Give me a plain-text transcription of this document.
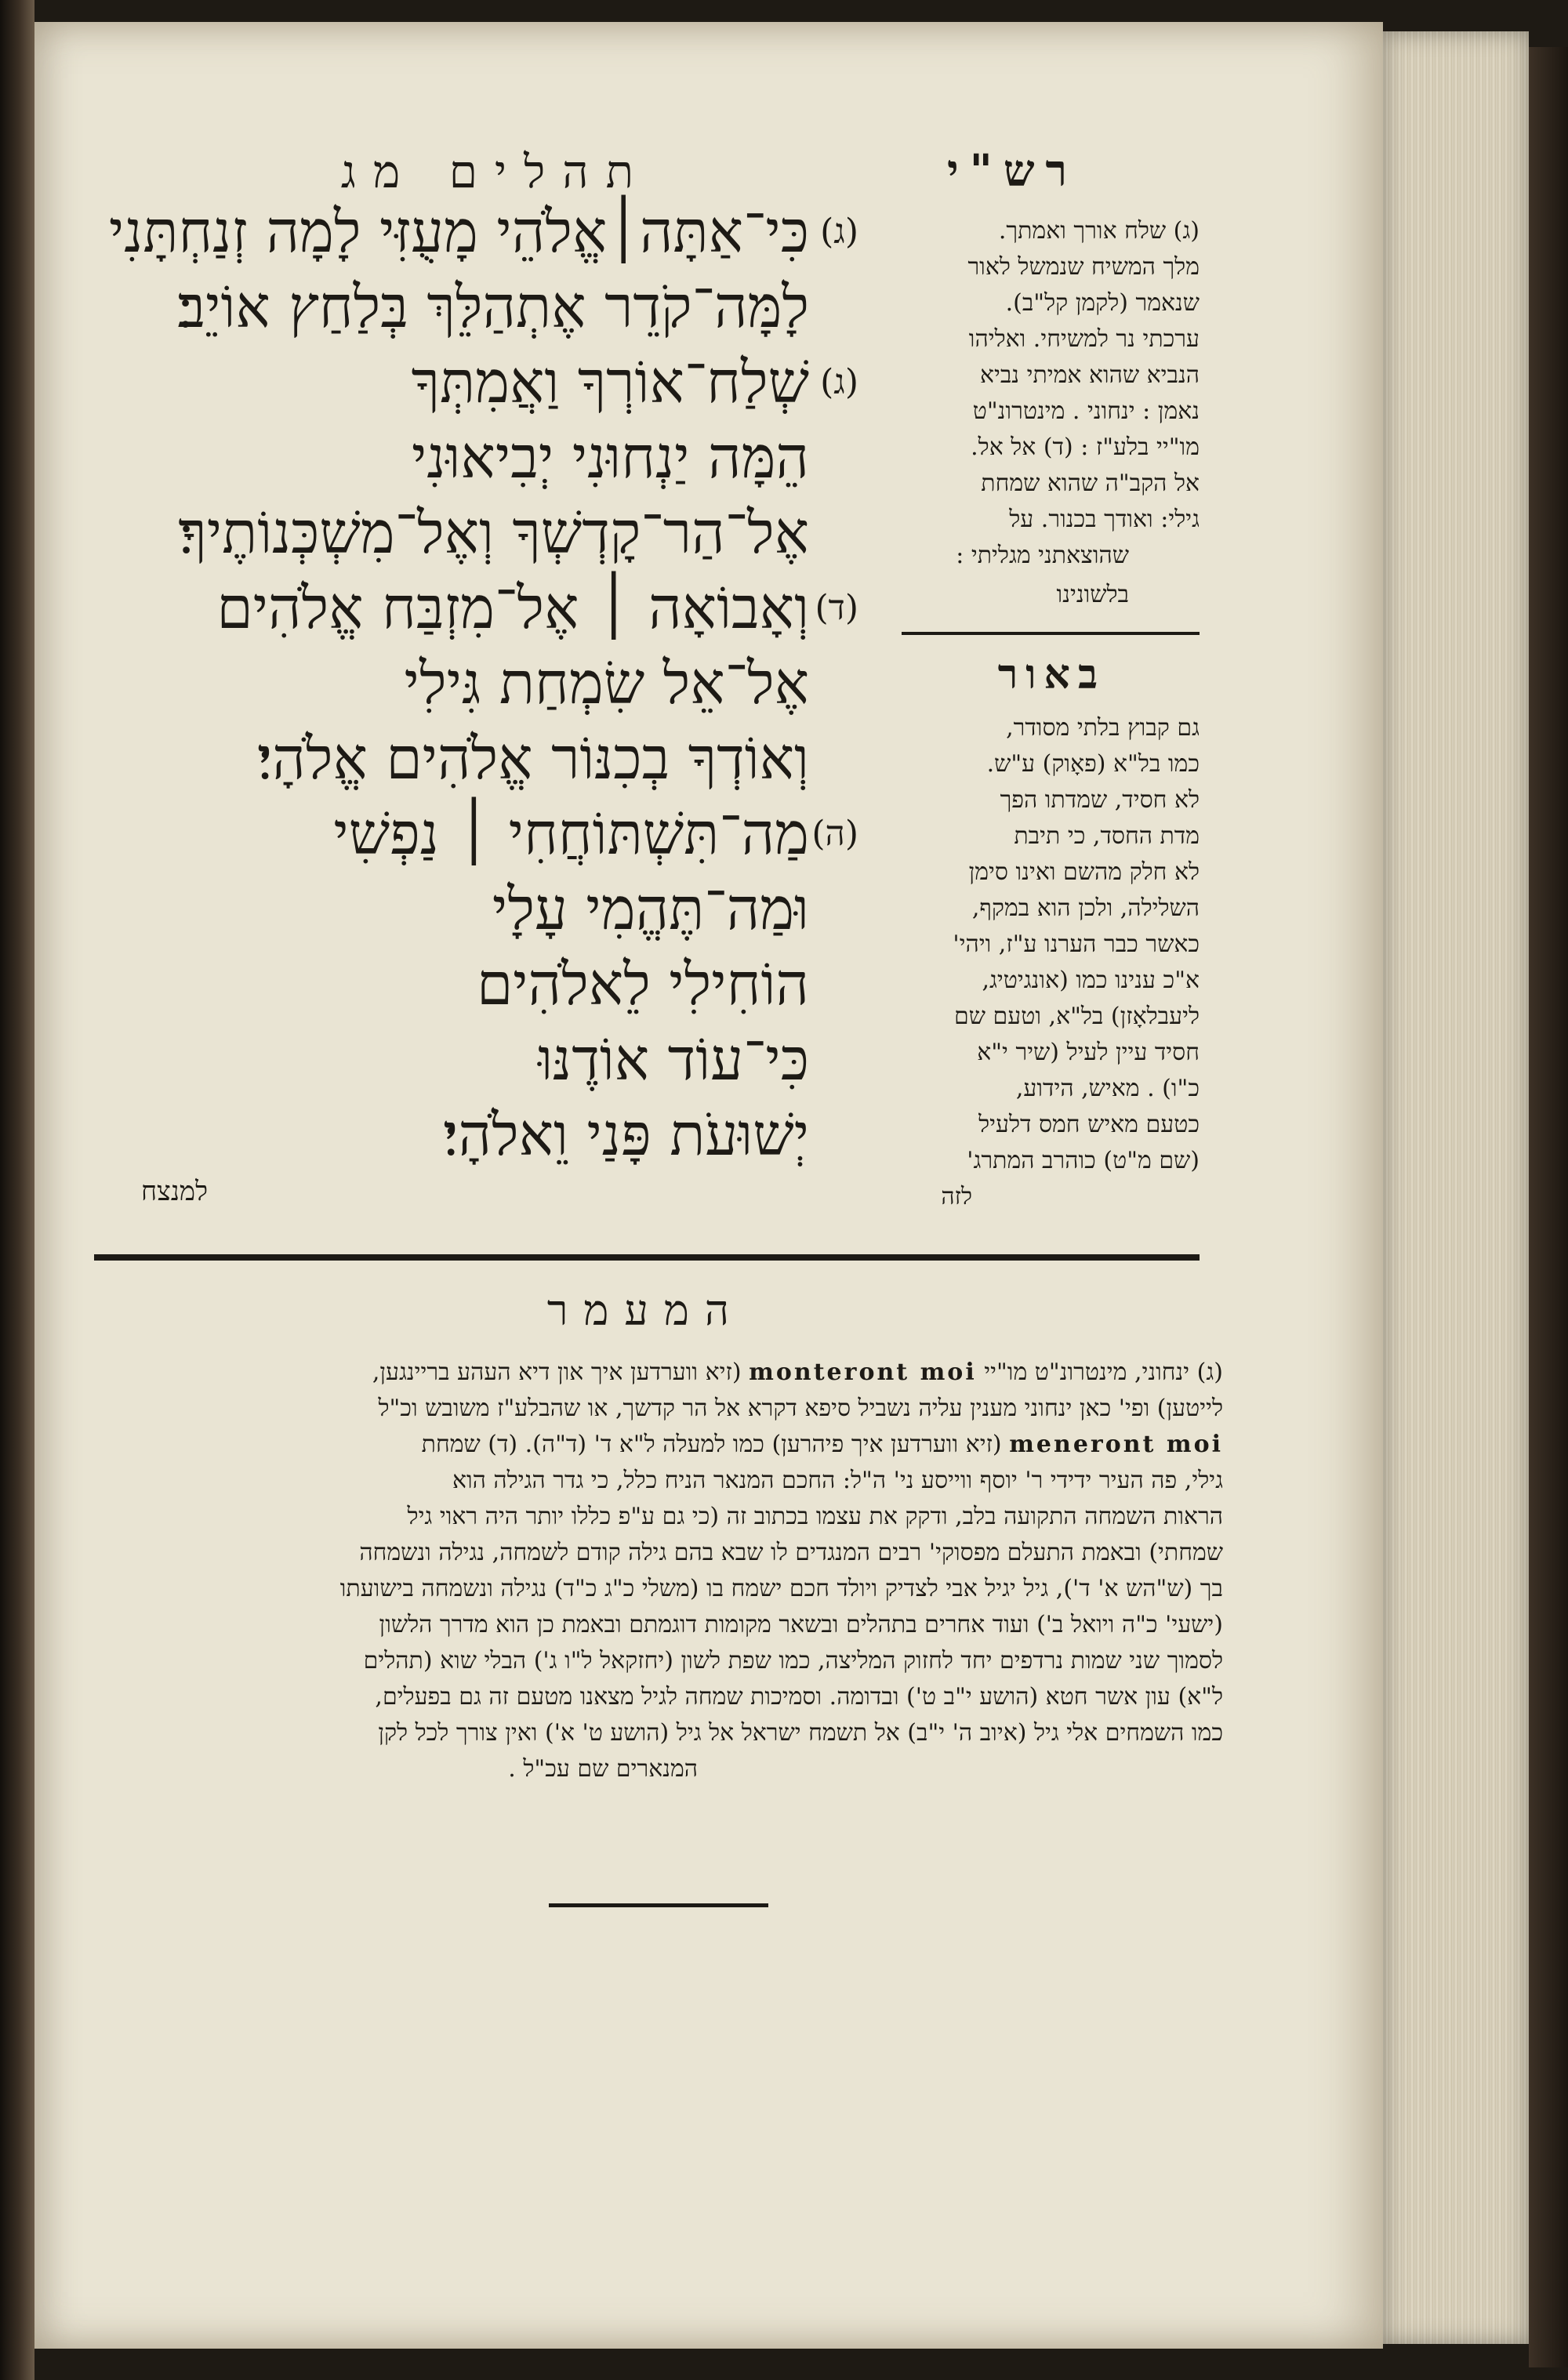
רש"י
(ג) שלח אורך ואמתך.
מלך המשיח שנמשל לאור
שנאמר (לקמן קל"ב).
ערכתי נר למשיחי. ואליהו
הנביא שהוא אמיתי נביא
נאמן : ינחוני . מינטרונ"ט
מו"יי בלע"ז : (ד) אל אל.
אל הקב"ה שהוא שמחת
גילי: ואודך בכנור. על
שהוצאתני מגליתי :
בלשונינו
באור
גם קבוץ בלתי מסודר,
כמו בל"א (פאָוק) ע"ש.
לא חסיד, שמדתו הפך
מדת החסד, כי תיבת
לא חלק מהשם ואינו סימן
השלילה, ולכן הוא במקף,
כאשר כבר הערנו ע"ז, ויהי'
א"כ ענינו כמו (אונגיטיג,
ליעבלאָזן) בל"א, וטעם שם
חסיד עיין לעיל (שיר י"א
כ"ו) . מאיש, הידוע,
כטעם מאיש חמס דלעיל
(שם מ"ט) כוהרב המתרג'
לזה
תהלים מג
(ג)
כִּי־אַתָּה׀אֱלֹהֵי מָעֻזִּי לָמָה זְנַחְתָּנִי
לָמָּה־קֹדֵר אֶתְהַלֵּךְ בְּלַחַץ אוֹיֵב׃
(ג)
שְׁלַח־אוֹרְךָ וַאֲמִתְּךָ
הֵמָּה יַנְחוּנִי יְבִיאוּנִי
אֶל־הַר־קָדְשְׁךָ וְאֶל־מִשְׁכְּנוֹתֶיךָ׃
(ד)
וְאָבוֹאָה ׀ אֶל־מִזְבַּח אֱלֹהִים
אֶל־אֵל שִׂמְחַת גִּילִי
וְאוֹדְךָ בְכִנּוֹר אֱלֹהִים אֱלֹהָי׃
(ה)
מַה־תִּשְׁתּוֹחֲחִי ׀ נַפְשִׁי
וּמַה־תֶּהֱמִי עָלָי
הוֹחִילִי לֵאלֹהִים
כִּי־עוֹד אוֹדֶנּוּ
יְשׁוּעֹת פָּנַי וֵאלֹהָי׃
למנצח
המעמר
(ג) ינחוני, מינטרונ"ט מו"יי monteront moi (זיא ווערדען איך און דיא העהע בריינגען,
לייטען) ופי' כאן ינחוני מענין עליה נשביל סיפא דקרא אל הר קדשך, או שהבלע"ז משובש וכ"ל
meneront moi (זיא ווערדען איך פיהרען) כמו למעלה ל"א ד' (ד"ה). (ד) שמחת
גילי, פה העיר ידידי ר' יוסף ווייסע ני' ה"ל: החכם המנאר הניח כלל, כי גדר הגילה הוא
הראות השמחה התקועה בלב, ודקק את עצמו בכתוב זה (כי גם ע"פ כללו יותר היה ראוי גיל
שמחתי) ובאמת התעלם מפסוקי' רבים המנגדים לו שבא בהם גילה קודם לשמחה, נגילה ונשמחה
בך (ש"הש א' ד'), גיל יגיל אבי לצדיק ויולד חכם ישמח בו (משלי כ"ג כ"ד) נגילה ונשמחה בישועתו
(ישעי' כ"ה ויואל ב') ועוד אחרים בתהלים ובשאר מקומות דוגמתם ובאמת כן הוא מדרך הלשון
לסמוך שני שמות נרדפים יחד לחזוק המליצה, כמו שפת לשון (יחזקאל ל"ו ג') הבלי שוא (תהלים
ל"א) עון אשר חטא (הושע י"ב ט') ובדומה. וסמיכות שמחה לגיל מצאנו מטעם זה גם בפעלים,
כמו השמחים אלי גיל (איוב ה' י"ב) אל תשמח ישראל אל גיל (הושע ט' א') ואין צורך לכל לקן
המנארים שם עכ"ל .
